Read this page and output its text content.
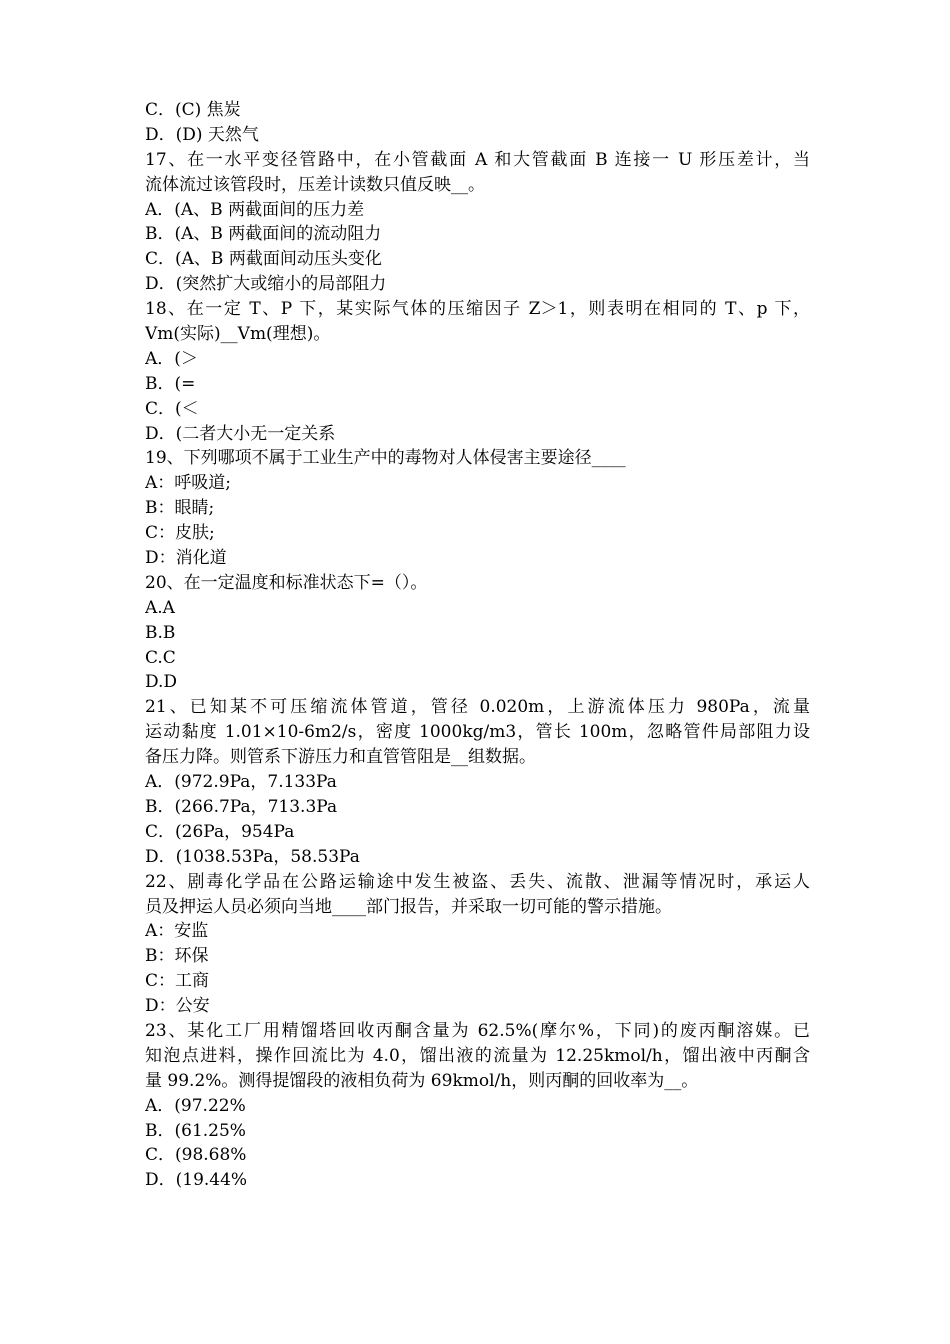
C．(C) 焦炭
D．(D) 天然气
17、在一水平变径管路中，在小管截面 A 和大管截面 B 连接一 U 形压差计，当
流体流过该管段时，压差计读数只值反映__。
A．(A、B 两截面间的压力差
B．(A、B 两截面间的流动阻力
C．(A、B 两截面间动压头变化
D．(突然扩大或缩小的局部阻力
18、在一定 T、P 下，某实际气体的压缩因子 Z＞1，则表明在相同的 T、p 下，
Vm(实际)__Vm(理想)。
A．(＞
B．(=
C．(＜
D．(二者大小无一定关系
19、下列哪项不属于工业生产中的毒物对人体侵害主要途径____
A：呼吸道;
B：眼睛;
C：皮肤;
D：消化道
20、在一定温度和标准状态下=（）。
A.A
B.B
C.C
D.D
21、已知某不可压缩流体管道，管径 0.020m，上游流体压力 980Pa，流量
运动黏度 1.01×10-6m2/s，密度 1000kg/m3，管长 100m，忽略管件局部阻力设
备压力降。则管系下游压力和直管管阻是__组数据。
A．(972.9Pa，7.133Pa
B．(266.7Pa，713.3Pa
C．(26Pa，954Pa
D．(1038.53Pa，58.53Pa
22、剧毒化学品在公路运输途中发生被盗、丢失、流散、泄漏等情况时，承运人
员及押运人员必须向当地____部门报告，并采取一切可能的警示措施。
A：安监
B：环保
C：工商
D：公安
23、某化工厂用精馏塔回收丙酮含量为 62.5%(摩尔%，下同)的废丙酮溶媒。已
知泡点进料，操作回流比为 4.0，馏出液的流量为 12.25kmol/h，馏出液中丙酮含
量 99.2%。测得提馏段的液相负荷为 69kmol/h，则丙酮的回收率为__。
A．(97.22%
B．(61.25%
C．(98.68%
D．(19.44%
